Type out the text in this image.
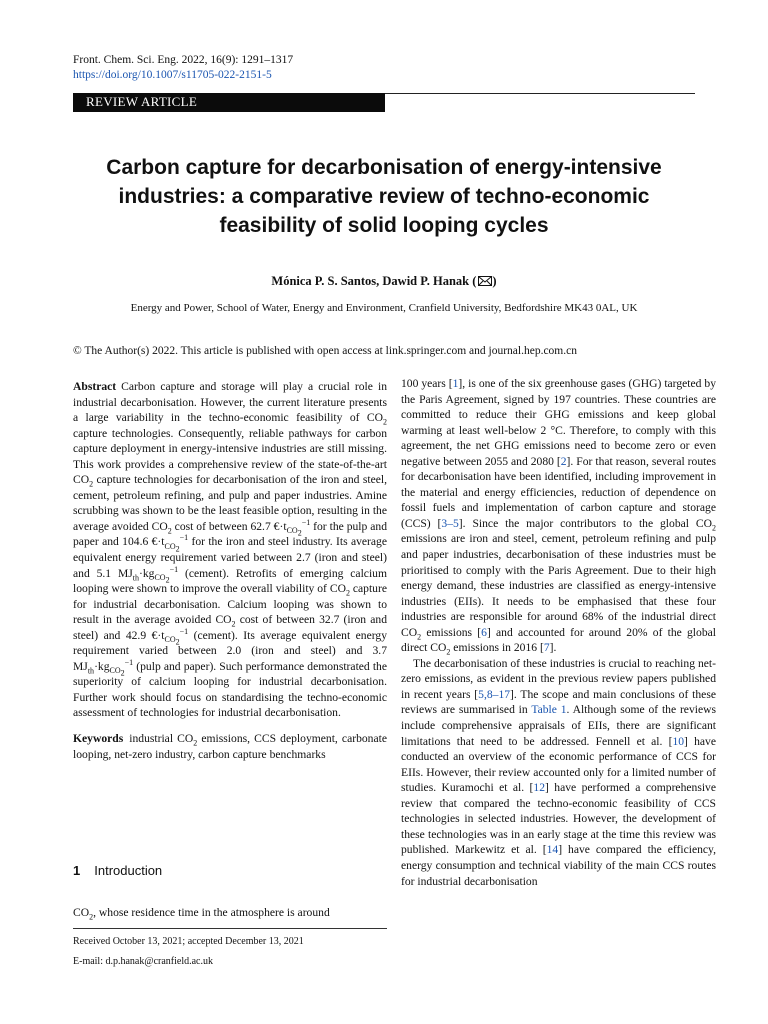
Front. Chem. Sci. Eng. 2022, 16(9): 1291–1317
https://doi.org/10.1007/s11705-022-2151-5
REVIEW ARTICLE
Carbon capture for decarbonisation of energy-intensive
industries: a comparative review of techno-economic
feasibility of solid looping cycles
Mónica P. S. Santos, Dawid P. Hanak ( )
Energy and Power, School of Water, Energy and Environment, Cranfield University, Bedfordshire MK43 0AL, UK
© The Author(s) 2022. This article is published with open access at link.springer.com and journal.hep.com.cn

Abstract Carbon capture and storage will play a crucial role in industrial decarbonisation. However, the current literature presents a large variability in the techno-economic feasibility of $CO_2$ capture technologies. Consequently, reliable pathways for carbon capture deployment in energy-intensive industries are still missing. This work provides a comprehensive review of the state-of-the-art $CO_2$ capture technologies for decarbonisation of the iron and steel, cement, petroleum refining, and pulp and paper industries. Amine scrubbing was shown to be the least feasible option, resulting in the average avoided $CO_2$ cost of between 62.7 $€\cdot t_{CO_2}^{-1}$ for the pulp and paper and 104.6 $€\cdot t_{CO_2}^{-1}$ for the iron and steel industry. Its average equivalent energy requirement varied between 2.7 (iron and steel) and 5.1 $MJ_{th}\cdot kg_{CO_2}^{-1}$ (cement). Retrofits of emerging calcium looping were shown to improve the overall viability of $CO_2$ capture for industrial decarbonisation. Calcium looping was shown to result in the average avoided $CO_2$ cost of between 32.7 (iron and steel) and 42.9 $€\cdot t_{CO_2}^{-1}$ (cement). Its average equivalent energy requirement varied between 2.0 (iron and steel) and 3.7 $MJ_{th}\cdot kg_{CO_2}^{-1}$ (pulp and paper). Such performance demonstrated the superiority of calcium looping for industrial decarbonisation. Further work should focus on standardising the techno-economic assessment of technologies for industrial decarbonisation.

Keywords industrial $CO_2$ emissions, CCS deployment, carbonate looping, net-zero industry, carbon capture benchmarks

1 Introduction
$CO_2$, whose residence time in the atmosphere is around
Received October 13, 2021; accepted December 13, 2021
E-mail: d.p.hanak@cranfield.ac.uk

100 years [1], is one of the six greenhouse gases (GHG) targeted by the Paris Agreement, signed by 197 countries. These countries are committed to reduce their GHG emissions and keep global warming at least well-below 2 °C. Therefore, to comply with this agreement, the net GHG emissions need to become zero or even negative between 2055 and 2080 [2]. For that reason, several routes for decarbonisation have been identified, including improvement in the material and energy efficiencies, reduction of dependence on fossil fuels and implementation of carbon capture and storage (CCS) [3–5]. Since the major contributors to the global $CO_2$ emissions are iron and steel, cement, petroleum refining and pulp and paper industries, decarbonisation of these industries must be prioritised to comply with the Paris Agreement. Due to their high energy demand, these industries are classified as energy-intensive industries (EIIs). It needs to be emphasised that these four industries are responsible for around 68% of the industrial direct $CO_2$ emissions [6] and accounted for around 20% of the global direct $CO_2$ emissions in 2016 [7].

The decarbonisation of these industries is crucial to reaching net-zero emissions, as evident in the previous review papers published in recent years [5,8–17]. The scope and main conclusions of these reviews are summarised in Table 1. Although some of the reviews include comprehensive appraisals of EIIs, there are significant limitations that need to be addressed. Fennell et al. [10] have conducted an overview of the economic performance of CCS for EIIs. However, their review accounted only for a limited number of studies. Kuramochi et al. [12] have performed a comprehensive review that compared the techno-economic feasibility of CCS technologies in selected industries. However, the development of these technologies was in an early stage at the time this review was published. Markewitz et al. [14] have compared the efficiency, energy consumption and technical viability of the main CCS routes for industrial decarbonisation
